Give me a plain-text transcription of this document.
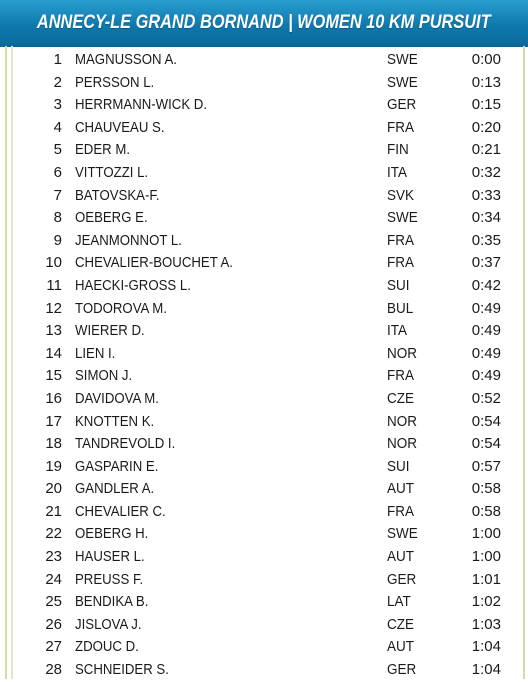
ANNECY-LE GRAND BORNAND | WOMEN 10 KM PURSUIT
1 MAGNUSSON A.	SWE	0:00
2 PERSSON L.	SWE	0:13
3 HERRMANN-WICK D.	GER	0:15
4 CHAUVEAU S.	FRA	0:20
5 EDER M.	FIN	0:21
6 VITTOZZI L.	ITA	0:32
7 BATOVSKA-F.	SVK	0:33
8 OEBERG E.	SWE	0:34
9 JEANMONNOT L.	FRA	0:35
10 CHEVALIER-BOUCHET A.	FRA	0:37
11 HAECKI-GROSS L.	SUI	0:42
12 TODOROVA M.	BUL	0:49
13 WIERER D.	ITA	0:49
14 LIEN I.	NOR	0:49
15 SIMON J.	FRA	0:49
16 DAVIDOVA M.	CZE	0:52
17 KNOTTEN K.	NOR	0:54
18 TANDREVOLD I.	NOR	0:54
19 GASPARIN E.	SUI	0:57
20 GANDLER A.	AUT	0:58
21 CHEVALIER C.	FRA	0:58
22 OEBERG H.	SWE	1:00
23 HAUSER L.	AUT	1:00
24 PREUSS F.	GER	1:01
25 BENDIKA B.	LAT	1:02
26 JISLOVA J.	CZE	1:03
27 ZDOUC D.	AUT	1:04
28 SCHNEIDER S.	GER	1:04
